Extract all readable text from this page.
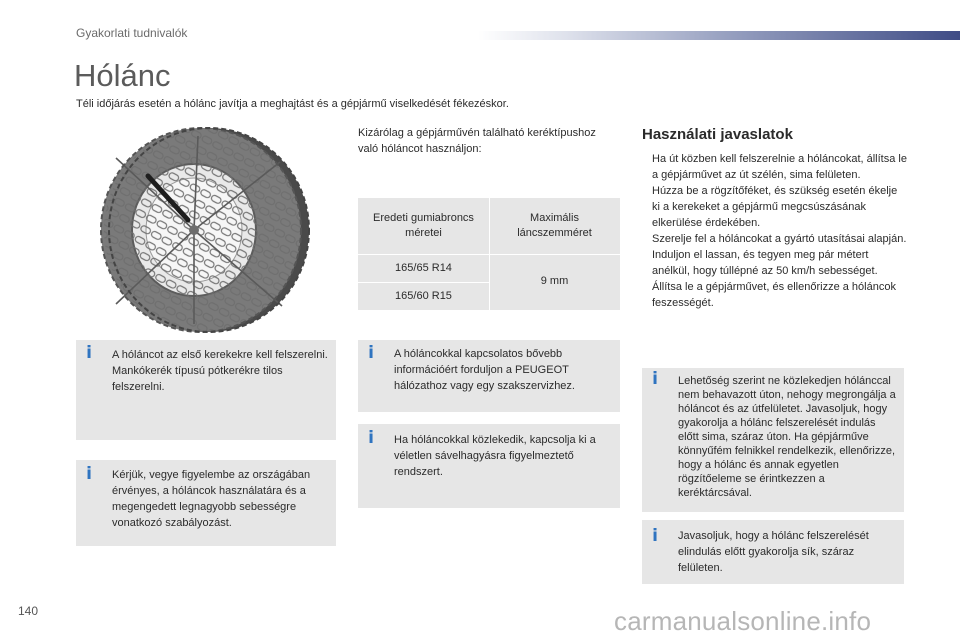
Gyakorlati tudnivalók
Hólánc

Téli időjárás esetén a hólánc javítja a meghajtást és a gépjármű viselkedését fékezéskor.

Kizárólag a gépjárművén található keréktípushoz való hóláncot használjon:

Eredeti gumiabroncs méretei
Maximális láncszemméret
165/65 R14
165/60 R15
9 mm
i A hóláncot az első kerekekre kell felszerelni. Mankókerék típusú pótkerékre tilos felszerelni.

i Kérjük, vegye figyelembe az országában érvényes, a hóláncok használatára és a megengedett legnagyobb sebességre vonatkozó szabályozást.

i A hóláncokkal kapcsolatos bővebb információért forduljon a PEUGEOT hálózathoz vagy egy szakszervizhez.

i Ha hóláncokkal közlekedik, kapcsolja ki a véletlen sávelhagyásra figyelmeztető rendszert.

Használati javaslatok
Ha út közben kell felszerelnie a hóláncokat, állítsa le a gépjárművet az út szélén, sima felületen.
Húzza be a rögzítőféket, és szükség esetén ékelje ki a kerekeket a gépjármű megcsúszásának elkerülése érdekében.
Szerelje fel a hóláncokat a gyártó utasításai alapján.
Induljon el lassan, és tegyen meg pár métert anélkül, hogy túllépné az 50 km/h sebességet.
Állítsa le a gépjárművet, és ellenőrizze a hóláncok feszességét.
i Lehetőség szerint ne közlekedjen hólánccal nem behavazott úton, nehogy megrongálja a hóláncot és az útfelületet. Javasoljuk, hogy gyakorolja a hólánc felszerelését indulás előtt sima, száraz úton. Ha gépjárműve könnyűfém felnikkel rendelkezik, ellenőrizze, hogy a hólánc és annak egyetlen rögzítőeleme se érintkezzen a keréktárcsával.

i Javasoljuk, hogy a hólánc felszerelését elindulás előtt gyakorolja sík, száraz felületen.

140	carmanualsonline.info
